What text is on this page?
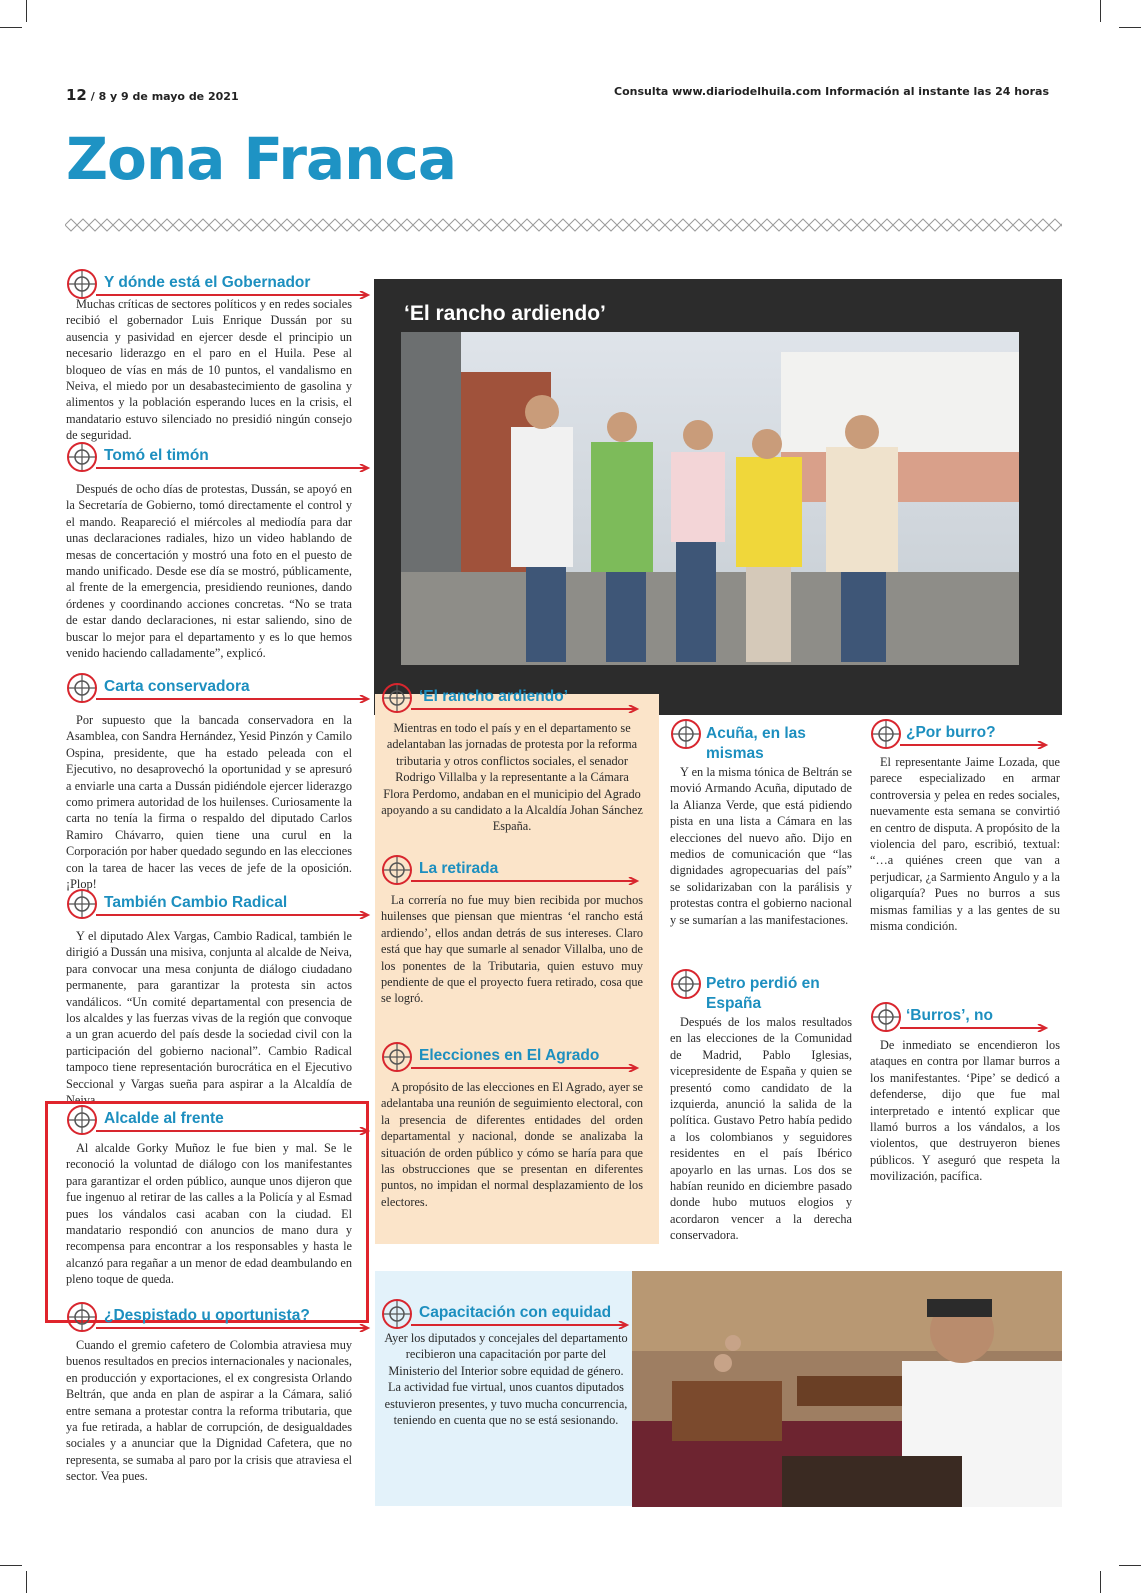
12 / 8 y 9 de mayo de 2021	Consulta www.diariodelhuila.com Información al instante las 24 horas
Zona Franca
‘El rancho ardiendo’
Y dónde está el Gobernador

Muchas críticas de sectores políticos y en redes sociales recibió el gobernador Luis Enrique Dussán por su ausencia y pasividad en ejercer desde el principio un necesario liderazgo en el paro en el Huila. Pese al bloqueo de vías en más de 10 puntos, el vandalismo en Neiva, el miedo por un desabastecimiento de gasolina y alimentos y la población esperando luces en la crisis, el mandatario estuvo silenciado no presidió ningún consejo de seguridad.

Tomó el timón

Después de ocho días de protestas, Dussán, se apoyó en la Secretaría de Gobierno, tomó directamente el control y el mando. Reapareció el miércoles al mediodía para dar unas declaraciones radiales, hizo un video hablando de mesas de concertación y mostró una foto en el puesto de mando unificado. Desde ese día se mostró, públicamente, al frente de la emergencia, presidiendo reuniones, dando órdenes y coordinando acciones concretas. “No se trata de estar dando declaraciones, ni estar saliendo, sino de buscar lo mejor para el departamento y es lo que hemos venido haciendo calladamente”, explicó.

Carta conservadora

Por supuesto que la bancada conservadora en la Asamblea, con Sandra Hernández, Yesid Pinzón y Camilo Ospina, presidente, que ha estado peleada con el Ejecutivo, no desaprovechó la oportunidad y se apresuró a enviarle una carta a Dussán pidiéndole ejercer liderazgo como primera autoridad de los huilenses. Curiosamente la carta no tenía la firma o respaldo del diputado Carlos Ramiro Chávarro, quien tiene una curul en la Corporación por haber quedado segundo en las elecciones con la tarea de hacer las veces de jefe de la oposición. ¡Plop!

También Cambio Radical

Y el diputado Alex Vargas, Cambio Radical, también le dirigió a Dussán una misiva, conjunta al alcalde de Neiva, para convocar una mesa conjunta de diálogo ciudadano permanente, para garantizar la protesta sin actos vandálicos. “Un comité departamental con presencia de los alcaldes y las fuerzas vivas de la región que convoque a un gran acuerdo del país desde la sociedad civil con la participación del gobierno nacional”. Cambio Radical tampoco tiene representación burocrática en el Ejecutivo Seccional y Vargas sueña para aspirar a la Alcaldía de Neiva.

Alcalde al frente

Al alcalde Gorky Muñoz le fue bien y mal. Se le reconoció la voluntad de diálogo con los manifestantes para garantizar el orden público, aunque unos dijeron que fue ingenuo al retirar de las calles a la Policía y al Esmad pues los vándalos casi acaban con la ciudad. El mandatario respondió con anuncios de mano dura y recompensa para encontrar a los responsables y hasta le alcanzó para regañar a un menor de edad deambulando en pleno toque de queda.

¿Despistado u oportunista?

Cuando el gremio cafetero de Colombia atraviesa muy buenos resultados en precios internacionales y nacionales, en producción y exportaciones, el ex congresista Orlando Beltrán, que anda en plan de aspirar a la Cámara, salió entre semana a protestar contra la reforma tributaria, que ya fue retirada, a hablar de corrupción, de desigualdades sociales y a anunciar que la Dignidad Cafetera, que no representa, se sumaba al paro por la crisis que atraviesa el sector. Vea pues.

‘El rancho ardiendo’

Mientras en todo el país y en el departamento se adelantaban las jornadas de protesta por la reforma tributaria y otros conflictos sociales, el senador Rodrigo Villalba y la representante a la Cámara Flora Perdomo, andaban en el municipio del Agrado apoyando a su candidato a la Alcaldía Johan Sánchez España.

La retirada

La correría no fue muy bien recibida por muchos huilenses que piensan que mientras ‘el rancho está ardiendo’, ellos andan detrás de sus intereses. Claro está que hay que sumarle al senador Villalba, uno de los ponentes de la Tributaria, quien estuvo muy pendiente de que el proyecto fuera retirado, cosa que se logró.

Elecciones en El Agrado

A propósito de las elecciones en El Agrado, ayer se adelantaba una reunión de seguimiento electoral, con la presencia de diferentes entidades del orden departamental y nacional, donde se analizaba la situación de orden público y cómo se haría para que las obstrucciones que se presentan en diferentes puntos, no impidan el normal desplazamiento de los electores.

Capacitación con equidad

Ayer los diputados y concejales del departamento recibieron una capacitación por parte del Ministerio del Interior sobre equidad de género. La actividad fue virtual, unos cuantos diputados estuvieron presentes, y tuvo mucha concurrencia, teniendo en cuenta que no se está sesionando.

Acuña, en las mismas

Y en la misma tónica de Beltrán se movió Armando Acuña, diputado de la Alianza Verde, que está pidiendo pista en una lista a Cámara en las elecciones del nuevo año. Dijo en medios de comunicación que “las dignidades agropecuarias del país” se solidarizaban con la parálisis y protestas contra el gobierno nacional y se sumarían a las manifestaciones.

Petro perdió en España

Después de los malos resultados en las elecciones de la Comunidad de Madrid, Pablo Iglesias, vicepresidente de España y quien se presentó como candidato de la izquierda, anunció la salida de la política. Gustavo Petro había pedido a los colombianos y seguidores residentes en el país Ibérico apoyarlo en las urnas. Los dos se habían reunido en diciembre pasado donde hubo mutuos elogios y acordaron vencer a la derecha conservadora.

¿Por burro?

El representante Jaime Lozada, que parece especializado en armar controversia y pelea en redes sociales, nuevamente esta semana se convirtió en centro de disputa. A propósito de la violencia del paro, escribió, textual: “…a quiénes creen que van a perjudicar, ¿a Sarmiento Angulo y a la oligarquía? Pues no burros a sus mismas familias y a las gentes de su misma condición.

‘Burros’, no

De inmediato se encendieron los ataques en contra por llamar burros a los manifestantes. ‘Pipe’ se dedicó a defenderse, dijo que fue mal interpretado e intentó explicar que llamó burros a los vándalos, a los violentos, que destruyeron bienes públicos. Y aseguró que respeta la movilización, pacífica.
